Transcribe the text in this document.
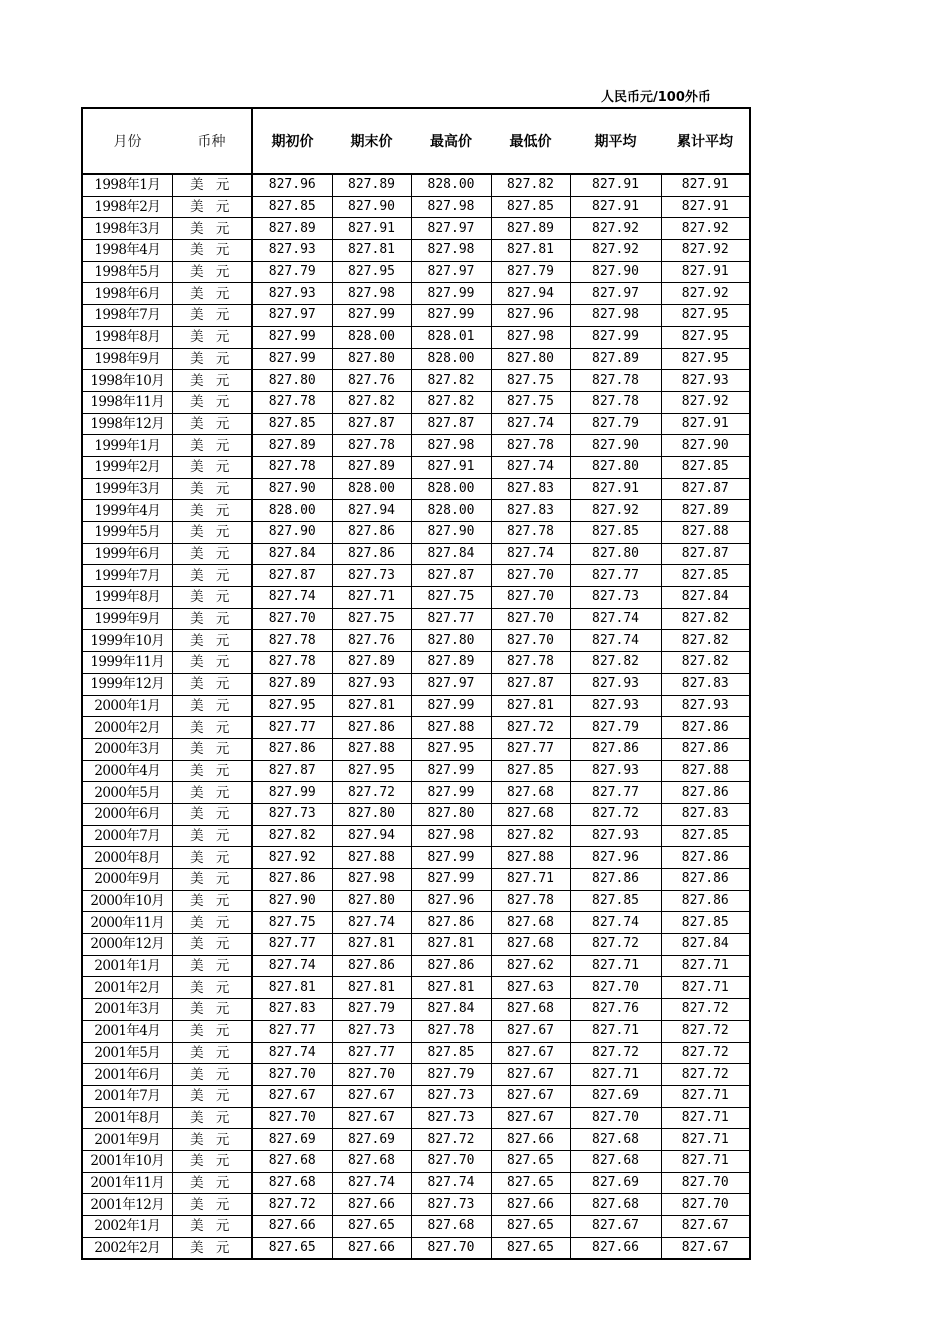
人民币元/100外币
月份	币种	期初价	期末价	最高价	最低价	期平均	累计平均
1998年1月	美 元	827.96	827.89	828.00	827.82	827.91	827.91
1998年2月	美 元	827.85	827.90	827.98	827.85	827.91	827.91
1998年3月	美 元	827.89	827.91	827.97	827.89	827.92	827.92
1998年4月	美 元	827.93	827.81	827.98	827.81	827.92	827.92
1998年5月	美 元	827.79	827.95	827.97	827.79	827.90	827.91
1998年6月	美 元	827.93	827.98	827.99	827.94	827.97	827.92
1998年7月	美 元	827.97	827.99	827.99	827.96	827.98	827.95
1998年8月	美 元	827.99	828.00	828.01	827.98	827.99	827.95
1998年9月	美 元	827.99	827.80	828.00	827.80	827.89	827.95
1998年10月	美 元	827.80	827.76	827.82	827.75	827.78	827.93
1998年11月	美 元	827.78	827.82	827.82	827.75	827.78	827.92
1998年12月	美 元	827.85	827.87	827.87	827.74	827.79	827.91
1999年1月	美 元	827.89	827.78	827.98	827.78	827.90	827.90
1999年2月	美 元	827.78	827.89	827.91	827.74	827.80	827.85
1999年3月	美 元	827.90	828.00	828.00	827.83	827.91	827.87
1999年4月	美 元	828.00	827.94	828.00	827.83	827.92	827.89
1999年5月	美 元	827.90	827.86	827.90	827.78	827.85	827.88
1999年6月	美 元	827.84	827.86	827.84	827.74	827.80	827.87
1999年7月	美 元	827.87	827.73	827.87	827.70	827.77	827.85
1999年8月	美 元	827.74	827.71	827.75	827.70	827.73	827.84
1999年9月	美 元	827.70	827.75	827.77	827.70	827.74	827.82
1999年10月	美 元	827.78	827.76	827.80	827.70	827.74	827.82
1999年11月	美 元	827.78	827.89	827.89	827.78	827.82	827.82
1999年12月	美 元	827.89	827.93	827.97	827.87	827.93	827.83
2000年1月	美 元	827.95	827.81	827.99	827.81	827.93	827.93
2000年2月	美 元	827.77	827.86	827.88	827.72	827.79	827.86
2000年3月	美 元	827.86	827.88	827.95	827.77	827.86	827.86
2000年4月	美 元	827.87	827.95	827.99	827.85	827.93	827.88
2000年5月	美 元	827.99	827.72	827.99	827.68	827.77	827.86
2000年6月	美 元	827.73	827.80	827.80	827.68	827.72	827.83
2000年7月	美 元	827.82	827.94	827.98	827.82	827.93	827.85
2000年8月	美 元	827.92	827.88	827.99	827.88	827.96	827.86
2000年9月	美 元	827.86	827.98	827.99	827.71	827.86	827.86
2000年10月	美 元	827.90	827.80	827.96	827.78	827.85	827.86
2000年11月	美 元	827.75	827.74	827.86	827.68	827.74	827.85
2000年12月	美 元	827.77	827.81	827.81	827.68	827.72	827.84
2001年1月	美 元	827.74	827.86	827.86	827.62	827.71	827.71
2001年2月	美 元	827.81	827.81	827.81	827.63	827.70	827.71
2001年3月	美 元	827.83	827.79	827.84	827.68	827.76	827.72
2001年4月	美 元	827.77	827.73	827.78	827.67	827.71	827.72
2001年5月	美 元	827.74	827.77	827.85	827.67	827.72	827.72
2001年6月	美 元	827.70	827.70	827.79	827.67	827.71	827.72
2001年7月	美 元	827.67	827.67	827.73	827.67	827.69	827.71
2001年8月	美 元	827.70	827.67	827.73	827.67	827.70	827.71
2001年9月	美 元	827.69	827.69	827.72	827.66	827.68	827.71
2001年10月	美 元	827.68	827.68	827.70	827.65	827.68	827.71
2001年11月	美 元	827.68	827.74	827.74	827.65	827.69	827.70
2001年12月	美 元	827.72	827.66	827.73	827.66	827.68	827.70
2002年1月	美 元	827.66	827.65	827.68	827.65	827.67	827.67
2002年2月	美 元	827.65	827.66	827.70	827.65	827.66	827.67
